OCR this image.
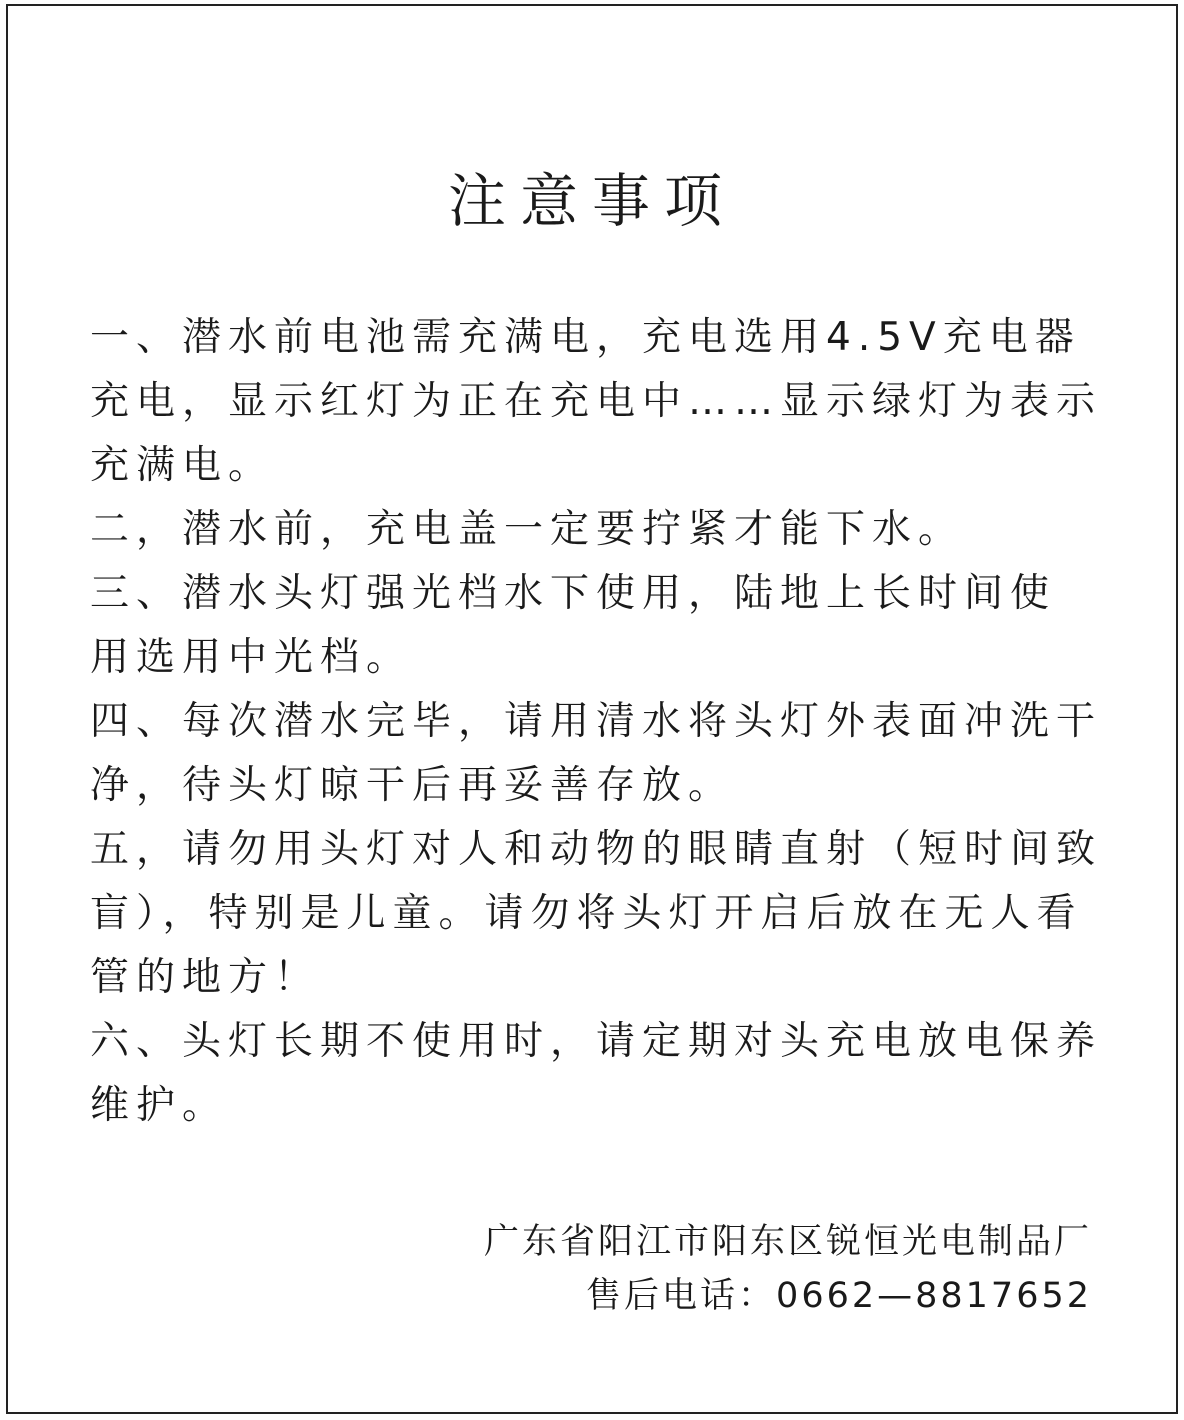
注意事项
一、潜水前电池需充满电，充电选用4.5V充电器
充电，显示红灯为正在充电中……显示绿灯为表示
充满电。
二，潜水前，充电盖一定要拧紧才能下水。
三、潜水头灯强光档水下使用，陆地上长时间使
用选用中光档。
四、每次潜水完毕，请用清水将头灯外表面冲洗干
净，待头灯晾干后再妥善存放。
五，请勿用头灯对人和动物的眼睛直射（短时间致
盲），特别是儿童。请勿将头灯开启后放在无人看
管的地方！
六、头灯长期不使用时，请定期对头充电放电保养
维护。
广东省阳江市阳东区锐恒光电制品厂
售后电话：0662—8817652
